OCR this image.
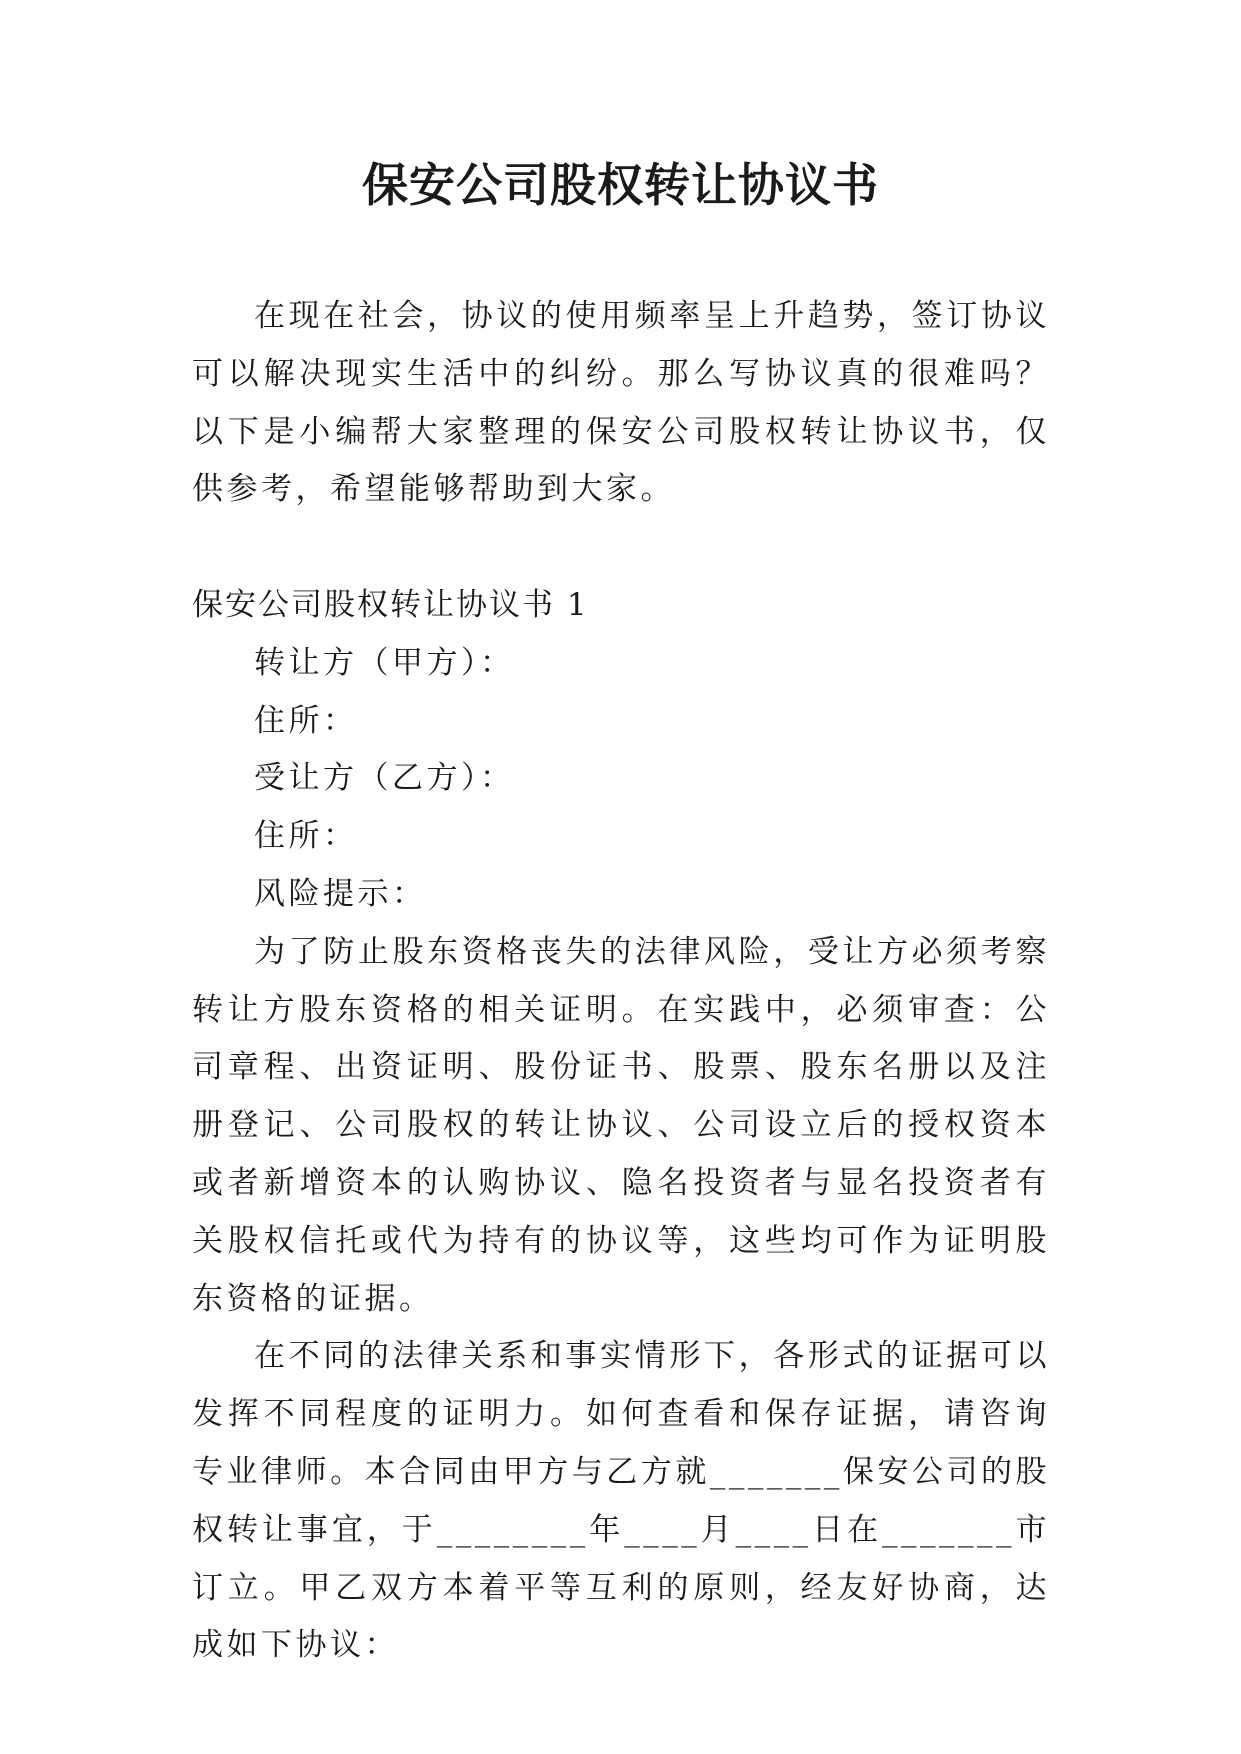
保安公司股权转让协议书

在现在社会，协议的使用频率呈上升趋势，签订协议可以解决现实生活中的纠纷。那么写协议真的很难吗？以下是小编帮大家整理的保安公司股权转让协议书，仅供参考，希望能够帮助到大家。

保安公司股权转让协议书 1

转让方（甲方）：

住所：

受让方（乙方）：

住所：

风险提示：

为了防止股东资格丧失的法律风险，受让方必须考察转让方股东资格的相关证明。在实践中，必须审查：公司章程、出资证明、股份证书、股票、股东名册以及注册登记、公司股权的转让协议、公司设立后的授权资本或者新增资本的认购协议、隐名投资者与显名投资者有关股权信托或代为持有的协议等，这些均可作为证明股东资格的证据。

在不同的法律关系和事实情形下，各形式的证据可以发挥不同程度的证明力。如何查看和保存证据，请咨询专业律师。本合同由甲方与乙方就_______保安公司的股权转让事宜，于________年____月____日在_______市订立。甲乙双方本着平等互利的原则，经友好协商，达成如下协议：
